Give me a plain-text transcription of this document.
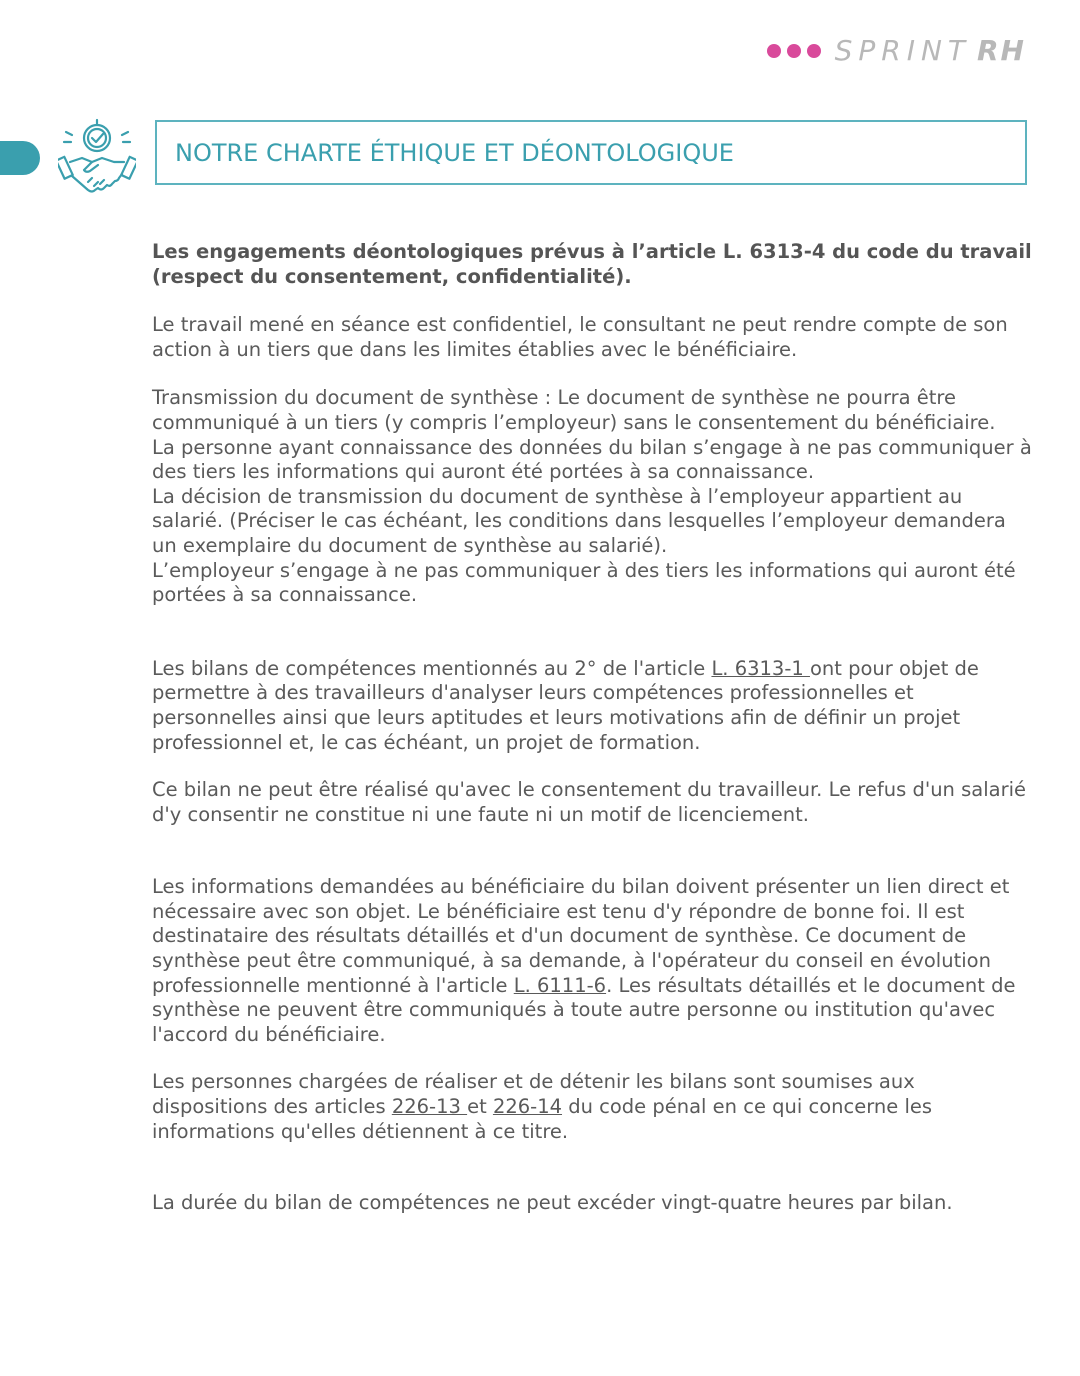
SPRINT RH
NOTRE CHARTE ÉTHIQUE ET DÉONTOLOGIQUE

Les engagements déontologiques prévus à l’article L. 6313-4 du code du travail (respect du consentement, confidentialité).

Le travail mené en séance est confidentiel, le consultant ne peut rendre compte de son action à un tiers que dans les limites établies avec le bénéficiaire.

Transmission du document de synthèse : Le document de synthèse ne pourra être communiqué à un tiers (y compris l’employeur) sans le consentement du bénéficiaire.

La personne ayant connaissance des données du bilan s’engage à ne pas communiquer à des tiers les informations qui auront été portées à sa connaissance.

La décision de transmission du document de synthèse à l’employeur appartient au salarié. (Préciser le cas échéant, les conditions dans lesquelles l’employeur demandera un exemplaire du document de synthèse au salarié).

L’employeur s’engage à ne pas communiquer à des tiers les informations qui auront été portées à sa connaissance.

Les bilans de compétences mentionnés au 2° de l'article L. 6313-1 ont pour objet de permettre à des travailleurs d'analyser leurs compétences professionnelles et personnelles ainsi que leurs aptitudes et leurs motivations afin de définir un projet professionnel et, le cas échéant, un projet de formation.

Ce bilan ne peut être réalisé qu'avec le consentement du travailleur. Le refus d'un salarié d'y consentir ne constitue ni une faute ni un motif de licenciement.

Les informations demandées au bénéficiaire du bilan doivent présenter un lien direct et nécessaire avec son objet. Le bénéficiaire est tenu d'y répondre de bonne foi. Il est destinataire des résultats détaillés et d'un document de synthèse. Ce document de synthèse peut être communiqué, à sa demande, à l'opérateur du conseil en évolution professionnelle mentionné à l'article L. 6111-6. Les résultats détaillés et le document de synthèse ne peuvent être communiqués à toute autre personne ou institution qu'avec l'accord du bénéficiaire.

Les personnes chargées de réaliser et de détenir les bilans sont soumises aux dispositions des articles 226-13 et 226-14 du code pénal en ce qui concerne les informations qu'elles détiennent à ce titre.

La durée du bilan de compétences ne peut excéder vingt-quatre heures par bilan.
